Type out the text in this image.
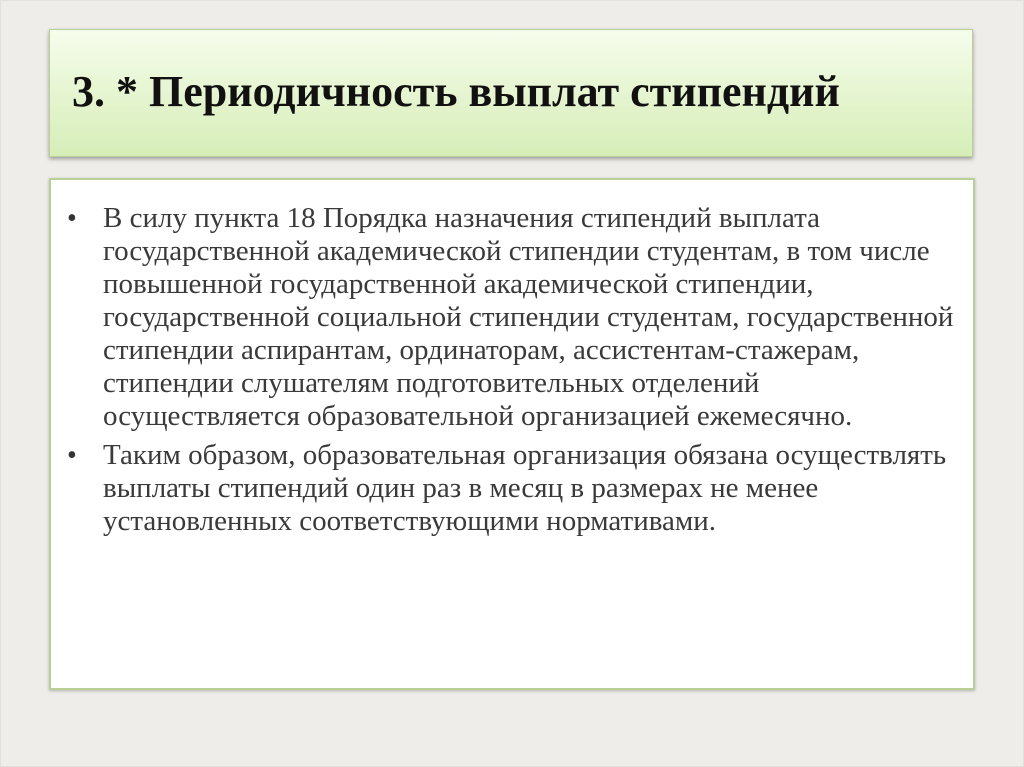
3. * Периодичность выплат стипендий
• В силу пункта 18 Порядка назначения стипендий выплата государственной академической стипендии студентам, в том числе повышенной государственной академической стипендии, государственной социальной стипендии студентам, государственной стипендии аспирантам, ординаторам, ассистентам-стажерам, стипендии слушателям подготовительных отделений осуществляется образовательной организацией ежемесячно.

• Таким образом, образовательная организация обязана осуществлять выплаты стипендий один раз в месяц в размерах не менее установленных соответствующими нормативами.
